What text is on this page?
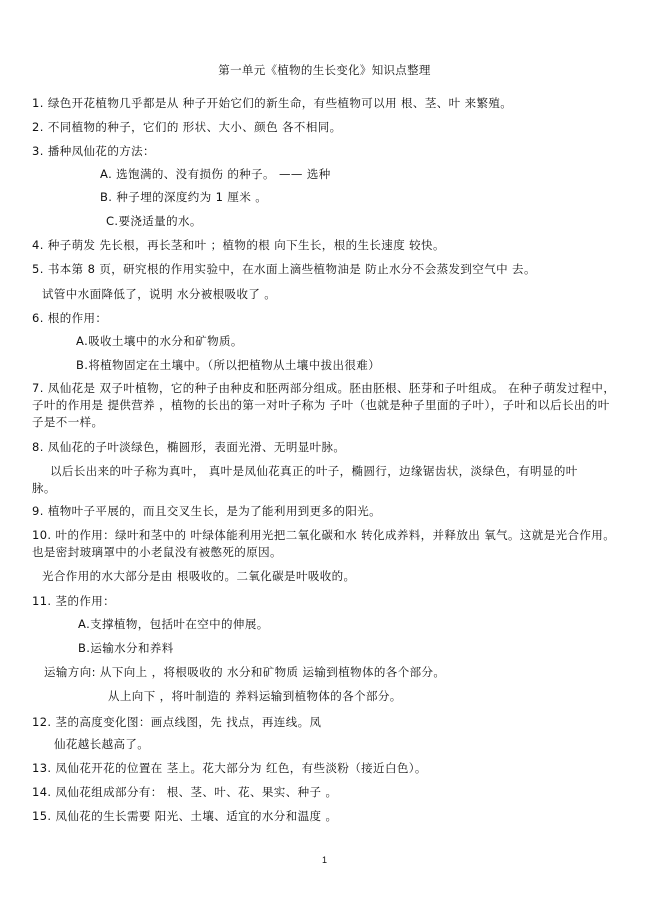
第一单元《植物的生长变化》知识点整理
1. 绿色开花植物几乎都是从 种子开始它们的新生命，有些植物可以用 根、茎、叶 来繁殖。
2. 不同植物的种子，它们的 形状、大小、颜色 各不相同。
3. 播种凤仙花的方法：
A. 选饱满的、没有损伤 的种子。 —— 选种
B. 种子埋的深度约为 1 厘米 。
C.要浇适量的水。
4. 种子萌发 先长根，再长茎和叶 ；植物的根 向下生长，根的生长速度 较快。
5. 书本第 8 页，研究根的作用实验中，在水面上滴些植物油是 防止水分不会蒸发到空气中 去。
试管中水面降低了，说明 水分被根吸收了 。
6. 根的作用：
A.吸收土壤中的水分和矿物质。
B.将植物固定在土壤中。（所以把植物从土壤中拔出很难）
7. 凤仙花是 双子叶植物，它的种子由种皮和胚两部分组成。胚由胚根、胚芽和子叶组成。 在种子萌发过程中，子叶的作用是 提供营养 ，植物的长出的第一对叶子称为 子叶（也就是种子里面的子叶），子叶和以后长出的叶子是不一样。
8. 凤仙花的子叶淡绿色，椭圆形，表面光滑、无明显叶脉。
以后长出来的叶子称为真叶， 真叶是凤仙花真正的叶子，椭圆行，边缘锯齿状，淡绿色，有明显的叶脉。
9. 植物叶子平展的，而且交叉生长，是为了能利用到更多的阳光。
10. 叶的作用：绿叶和茎中的 叶绿体能利用光把二氧化碳和水 转化成养料，并释放出 氧气。这就是光合作用。也是密封玻璃罩中的小老鼠没有被憋死的原因。
光合作用的水大部分是由 根吸收的。二氧化碳是叶吸收的。
11. 茎的作用：
A.支撑植物，包括叶在空中的伸展。
B.运输水分和养料
运输方向: 从下向上 ，将根吸收的 水分和矿物质 运输到植物体的各个部分。
从上向下 ，将叶制造的 养料运输到植物体的各个部分。
12. 茎的高度变化图：画点线图，先 找点，再连线。凤
仙花越长越高了。
13. 凤仙花开花的位置在 茎上。花大部分为 红色，有些淡粉（接近白色）。
14. 凤仙花组成部分有： 根、茎、叶、花、果实、种子 。
15. 凤仙花的生长需要 阳光、土壤、适宜的水分和温度 。
1
